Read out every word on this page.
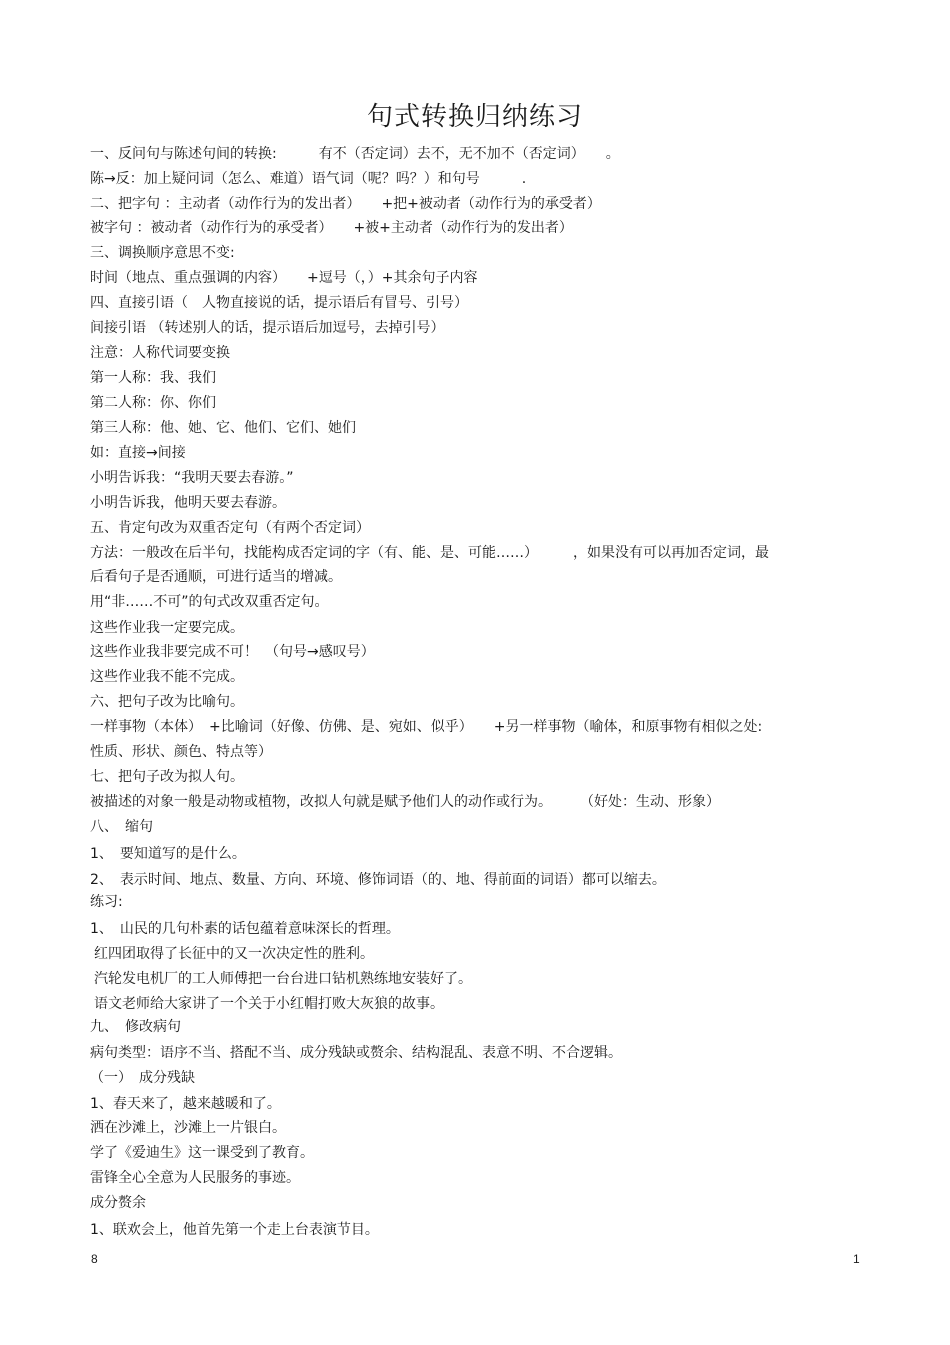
句式转换归纳练习
一、反问句与陈述句间的转换:　　　有不（否定词）去不，无不加不（否定词）　　。
陈→反：加上疑问词（怎么、难道）语气词（呢？吗？）和句号　　　.
二、把字句 ：主动者（动作行为的发出者）　　+把+被动者（动作行为的承受者）
被字句 ：被动者（动作行为的承受者）　　+被+主动者（动作行为的发出者）
三、调换顺序意思不变:
时间（地点、重点强调的内容）　　+逗号（，）+其余句子内容
四、直接引语（　人物直接说的话，提示语后有冒号、引号）
间接引语 （转述别人的话，提示语后加逗号，去掉引号）
注意：人称代词要变换
第一人称：我、我们
第二人称：你、你们
第三人称：他、她、它、他们、它们、她们
如：直接→间接
小明告诉我：“我明天要去春游。”
小明告诉我，他明天要去春游。
五、肯定句改为双重否定句（有两个否定词）
方法：一般改在后半句，找能构成否定词的字（有、能、是、可能……）　　　，如果没有可以再加否定词，最
后看句子是否通顺，可进行适当的增减。
用“非……不可”的句式改双重否定句。
这些作业我一定要完成。
这些作业我非要完成不可！　（句号→感叹号）
这些作业我不能不完成。
六、把句子改为比喻句。
一样事物（本体）　+比喻词（好像、仿佛、是、宛如、似乎）　　+另一样事物（喻体，和原事物有相似之处:
性质、形状、颜色、特点等）
七、把句子改为拟人句。
被描述的对象一般是动物或植物，改拟人句就是赋予他们人的动作或行为。　　　（好处：生动、形象）
八、　缩句
1、　要知道写的是什么。
2、　表示时间、地点、数量、方向、环境、修饰词语（的、地、得前面的词语）都可以缩去。
练习:
1、　山民的几句朴素的话包蕴着意味深长的哲理。
红四团取得了长征中的又一次决定性的胜利。
汽轮发电机厂的工人师傅把一台台进口钻机熟练地安装好了。
语文老师给大家讲了一个关于小红帽打败大灰狼的故事。
九、　修改病句
病句类型：语序不当、搭配不当、成分残缺或赘余、结构混乱、表意不明、不合逻辑。
（一）　成分残缺
1、春天来了，越来越暖和了。
洒在沙滩上，沙滩上一片银白。
学了《爱迪生》这一课受到了教育。
雷锋全心全意为人民服务的事迹。
成分赘余
1、联欢会上，他首先第一个走上台表演节目。
8	1
